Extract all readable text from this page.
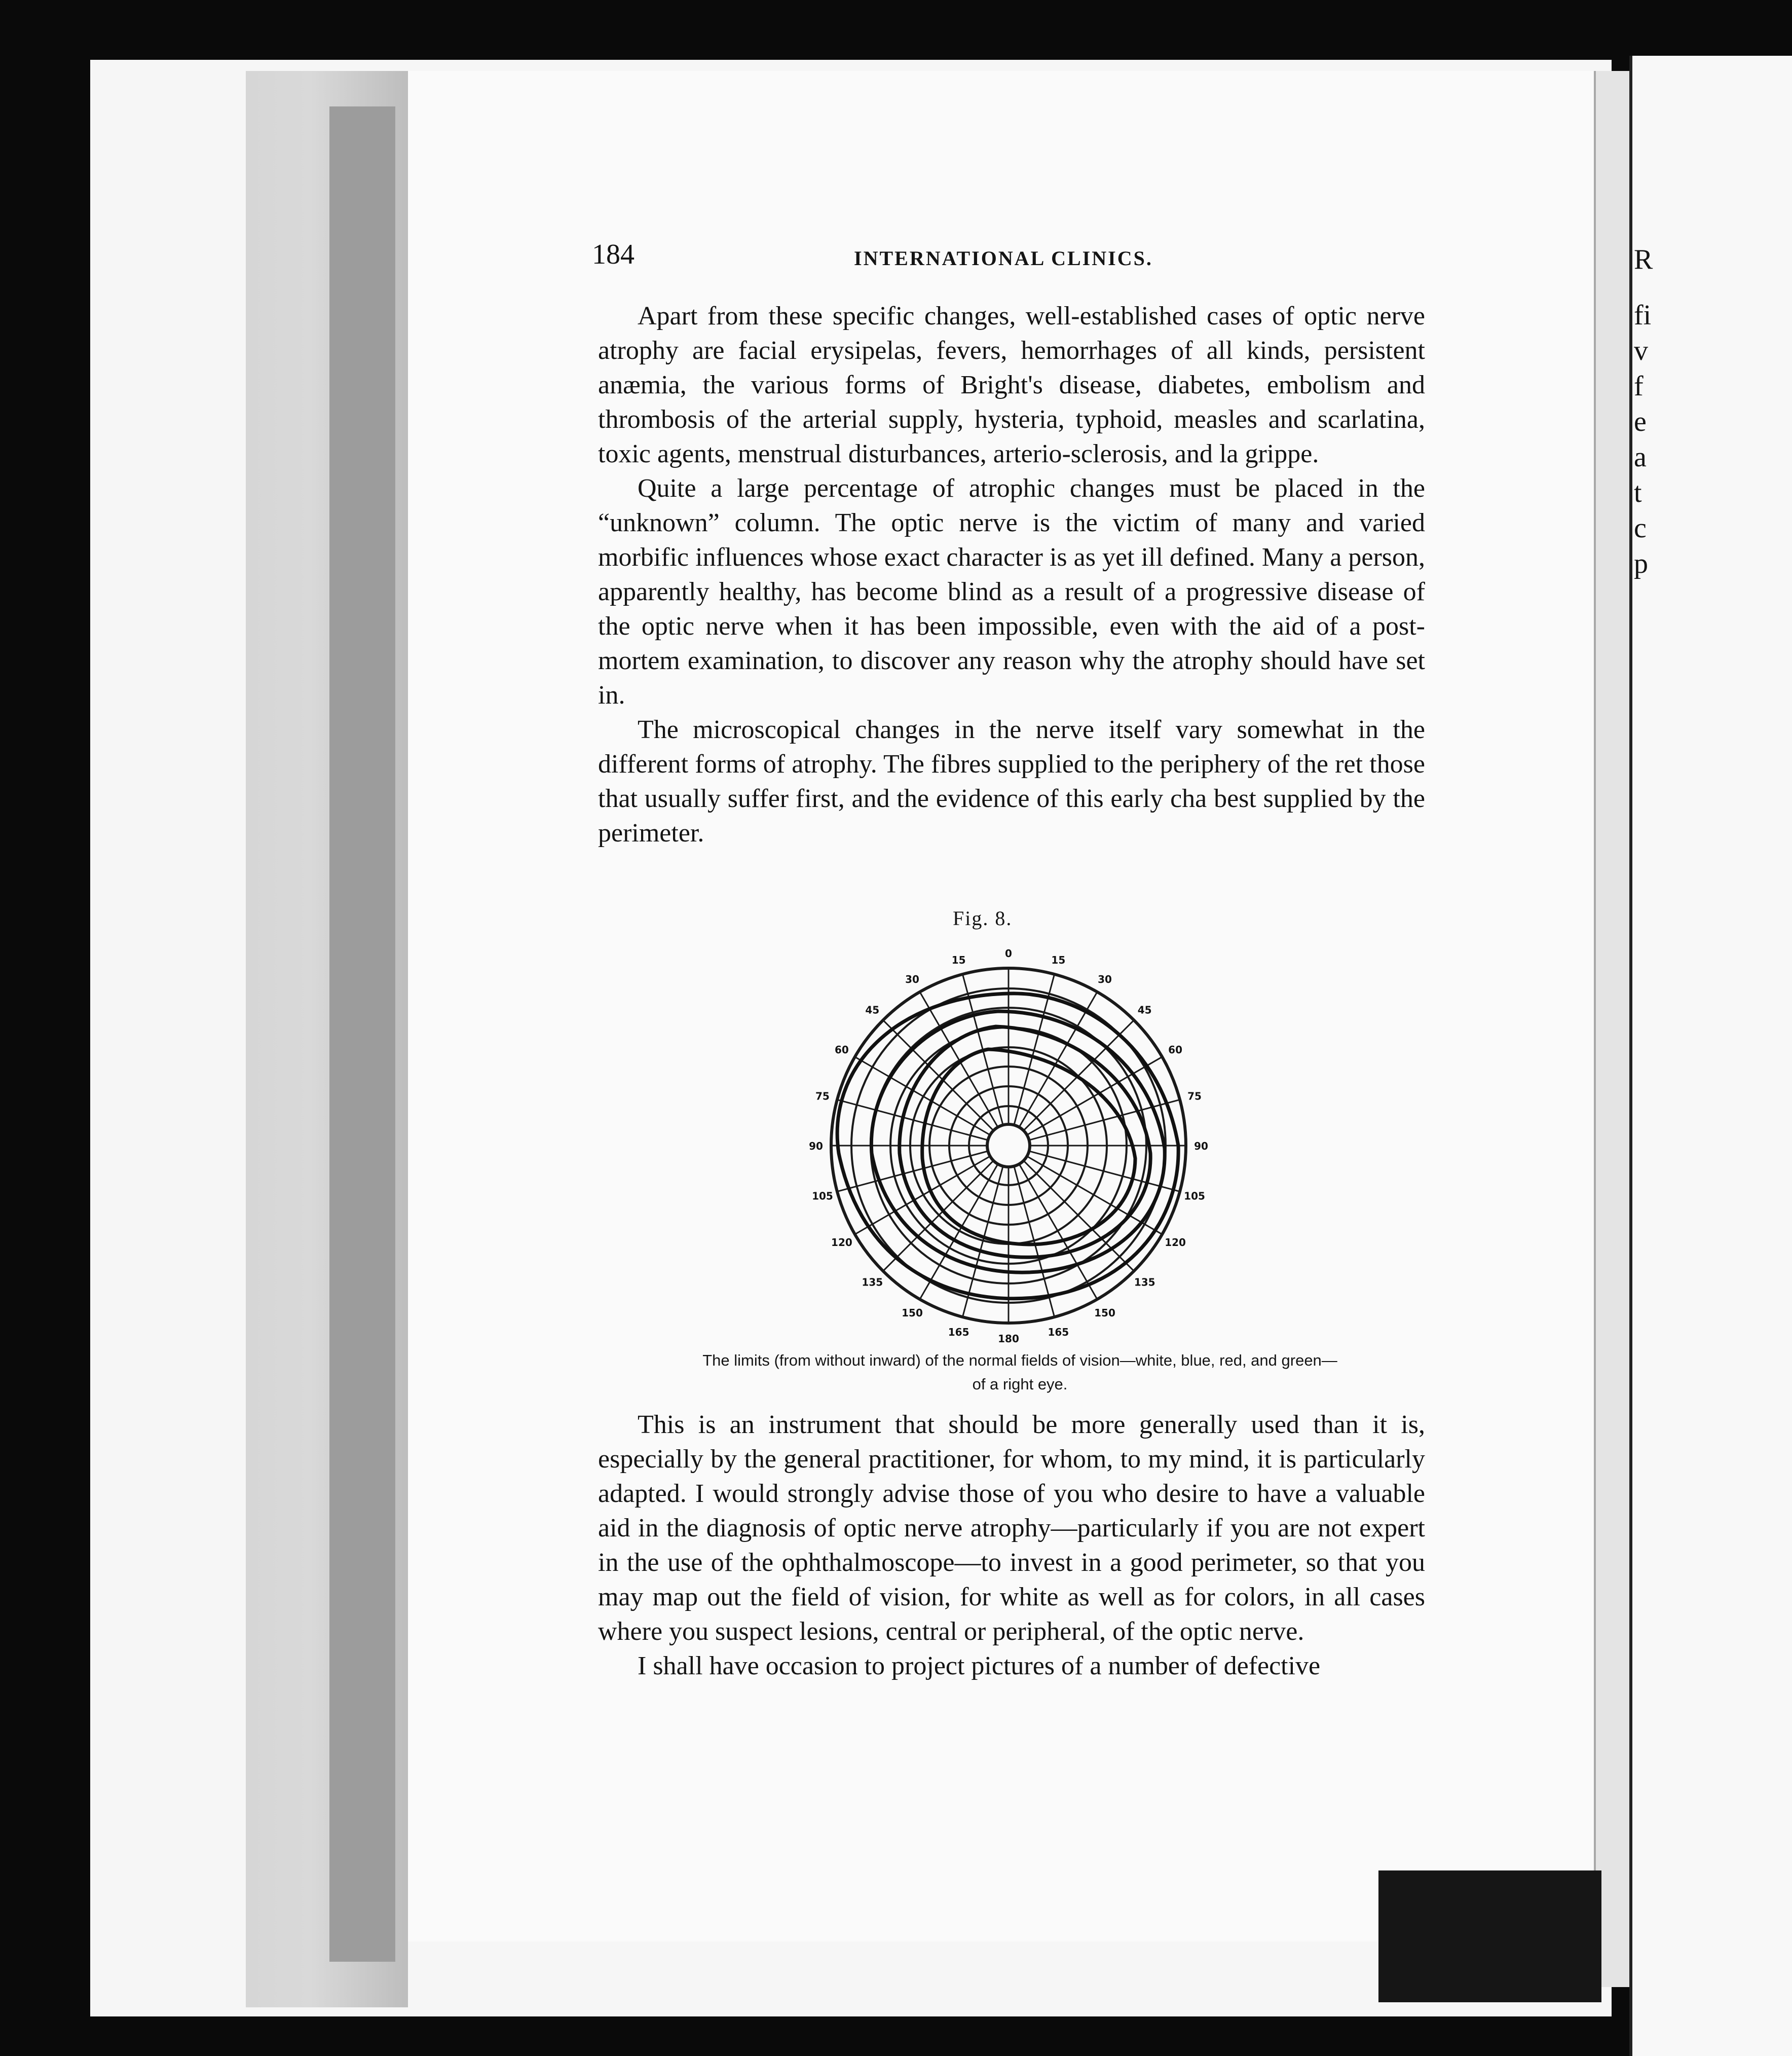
R
fi
v
f
e
a
t
c
p
184	INTERNATIONAL CLINICS.

Apart from these specific changes, well-established cases of optic nerve atrophy are facial erysipelas, fevers, hemorrhages of all kinds, persistent anæmia, the various forms of Bright's disease, diabetes, embolism and thrombosis of the arterial supply, hysteria, typhoid, measles and scarlatina, toxic agents, menstrual disturbances, arterio-sclerosis, and la grippe.

Quite a large percentage of atrophic changes must be placed in the “unknown” column. The optic nerve is the victim of many and varied morbific influences whose exact character is as yet ill defined. Many a person, apparently healthy, has become blind as a result of a progressive disease of the optic nerve when it has been impossible, even with the aid of a post-mortem examination, to discover any reason why the atrophy should have set in.

The microscopical changes in the nerve itself vary somewhat in the different forms of atrophy. The fibres supplied to the periphery of the ret those that usually suffer first, and the evidence of this early cha best supplied by the perimeter.

Fig. 8.
0
15
30
45
60
75
90
105
120
135
150
165
180
165
150
135
120
105
90
75
60
45
30
15
The limits (from without inward) of the normal fields of vision—white, blue, red, and green—
of a right eye.

This is an instrument that should be more generally used than it is, especially by the general practitioner, for whom, to my mind, it is particularly adapted. I would strongly advise those of you who desire to have a valuable aid in the diagnosis of optic nerve atrophy—particularly if you are not expert in the use of the ophthalmoscope—to invest in a good perimeter, so that you may map out the field of vision, for white as well as for colors, in all cases where you suspect lesions, central or peripheral, of the optic nerve.

I shall have occasion to project pictures of a number of defective
